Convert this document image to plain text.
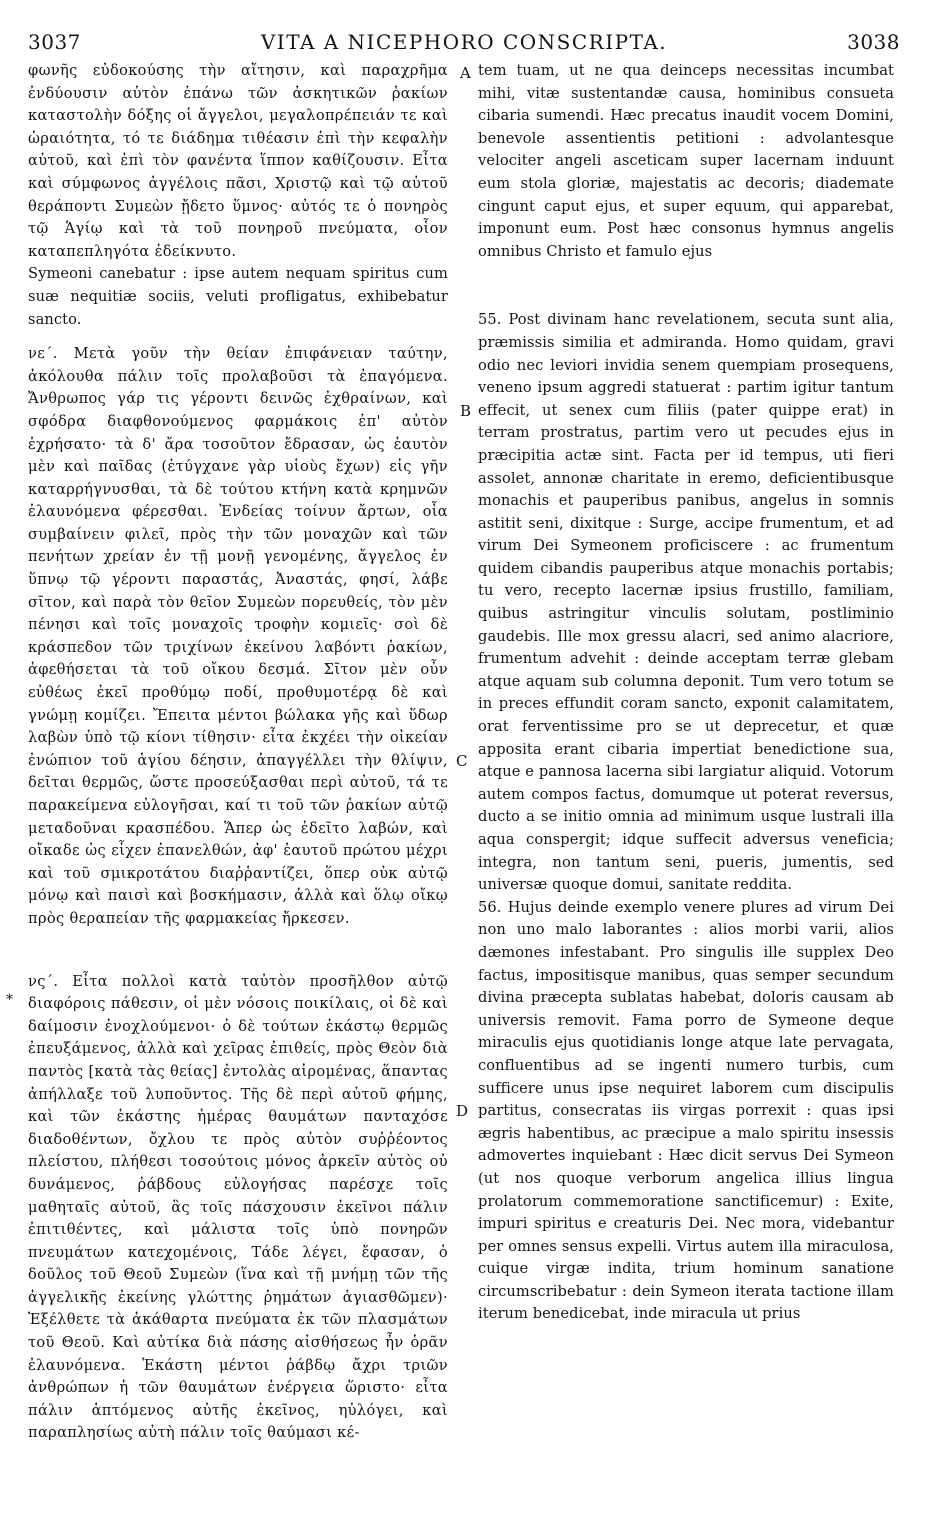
3037	VITA A NICEPHORO CONSCRIPTA.	3038
A
B
C
D
*

φωνῆς εὐδοκούσης τὴν αἴτησιν, καὶ παραχρῆμα ἐνδύουσιν αὐτὸν ἐπάνω τῶν ἀσκητικῶν ῥακίων καταστολὴν δόξης οἱ ἄγγελοι, μεγαλοπρέπειάν τε καὶ ὡραιότητα, τό τε διάδημα τιθέασιν ἐπὶ τὴν κεφαλὴν αὐτοῦ, καὶ ἐπὶ τὸν φανέντα ἵππον καθίζουσιν. Εἶτα καὶ σύμφωνος ἀγγέλοις πᾶσι, Χριστῷ καὶ τῷ αὐτοῦ θεράποντι Συμεὼν ᾔδετο ὕμνος· αὐτός τε ὁ πονηρὸς τῷ Ἁγίῳ καὶ τὰ τοῦ πονηροῦ πνεύματα, οἷον καταπεπληγότα ἐδείκνυτο.

Symeoni canebatur : ipse autem nequam spiritus cum suæ nequitiæ sociis, veluti profligatus, exhibebatur sancto.

νε΄. Μετὰ γοῦν τὴν θείαν ἐπιφάνειαν ταύτην, ἀκόλουθα πάλιν τοῖς προλαβοῦσι τὰ ἐπαγόμενα. Ἄνθρωπος γάρ τις γέροντι δεινῶς ἐχθραίνων, καὶ σφόδρα διαφθονούμενος φαρμάκοις ἐπ' αὐτὸν ἐχρήσατο· τὰ δ' ἄρα τοσοῦτον ἔδρασαν, ὡς ἑαυτὸν μὲν καὶ παῖδας (ἐτύγχανε γὰρ υἱοὺς ἔχων) εἰς γῆν καταρρήγνυσθαι, τὰ δὲ τούτου κτήνη κατὰ κρημνῶν ἐλαυνόμενα φέρεσθαι. Ἐνδείας τοίνυν ἄρτων, οἷα συμβαίνειν φιλεῖ, πρὸς τὴν τῶν μοναχῶν καὶ τῶν πενήτων χρείαν ἐν τῇ μονῇ γενομένης, ἄγγελος ἐν ὕπνῳ τῷ γέροντι παραστάς, Ἀναστάς, φησί, λάβε σῖτον, καὶ παρὰ τὸν θεῖον Συμεὼν πορευθείς, τὸν μὲν πένησι καὶ τοῖς μοναχοῖς τροφὴν κομιεῖς· σοὶ δὲ κράσπεδον τῶν τριχίνων ἐκείνου λαβόντι ῥακίων, ἀφεθήσεται τὰ τοῦ οἴκου δεσμά. Σῖτον μὲν οὖν εὐθέως ἐκεῖ προθύμῳ ποδί, προθυμοτέρᾳ δὲ καὶ γνώμῃ κομίζει. Ἔπειτα μέντοι βώλακα γῆς καὶ ὕδωρ λαβὼν ὑπὸ τῷ κίονι τίθησιν· εἶτα ἐκχέει τὴν οἰκείαν ἐνώπιον τοῦ ἁγίου δέησιν, ἀπαγγέλλει τὴν θλίψιν, δεῖται θερμῶς, ὥστε προσεύξασθαι περὶ αὐτοῦ, τά τε παρακείμενα εὐλογῆσαι, καί τι τοῦ τῶν ῥακίων αὐτῷ μεταδοῦναι κρασπέδου. Ἅπερ ὡς ἐδεῖτο λαβών, καὶ οἴκαδε ὡς εἶχεν ἐπανελθών, ἀφ' ἑαυτοῦ πρώτου μέχρι καὶ τοῦ σμικροτάτου διαῤῥαντίζει, ὅπερ οὐκ αὐτῷ μόνῳ καὶ παισὶ καὶ βοσκήμασιν, ἀλλὰ καὶ ὅλῳ οἴκῳ πρὸς θεραπείαν τῆς φαρμακείας ἤρκεσεν.

νς΄. Εἶτα πολλοὶ κατὰ ταὐτὸν προσῆλθον αὐτῷ διαφόροις πάθεσιν, οἱ μὲν νόσοις ποικίλαις, οἱ δὲ καὶ δαίμοσιν ἐνοχλούμενοι· ὁ δὲ τούτων ἑκάστῳ θερμῶς ἐπευξάμενος, ἀλλὰ καὶ χεῖρας ἐπιθείς, πρὸς Θεὸν διὰ παντὸς [κατὰ τὰς θείας] ἐντολὰς αἰρομένας, ἅπαντας ἀπήλλαξε τοῦ λυποῦντος. Τῆς δὲ περὶ αὐτοῦ φήμης, καὶ τῶν ἑκάστης ἡμέρας θαυμάτων πανταχόσε διαδοθέντων, ὄχλου τε πρὸς αὐτὸν συῤῥέοντος πλείστου, πλήθεσι τοσούτοις μόνος ἀρκεῖν αὐτὸς οὐ δυνάμενος, ῥάβδους εὐλογήσας παρέσχε τοῖς μαθηταῖς αὐτοῦ, ἃς τοῖς πάσχουσιν ἐκεῖνοι πάλιν ἐπιτιθέντες, καὶ μάλιστα τοῖς ὑπὸ πονηρῶν πνευμάτων κατεχομένοις, Τάδε λέγει, ἔφασαν, ὁ δοῦλος τοῦ Θεοῦ Συμεὼν (ἵνα καὶ τῇ μνήμῃ τῶν τῆς ἀγγελικῆς ἐκείνης γλώττης ῥημάτων ἁγιασθῶμεν)· Ἐξέλθετε τὰ ἀκάθαρτα πνεύματα ἐκ τῶν πλασμάτων τοῦ Θεοῦ. Καὶ αὐτίκα διὰ πάσης αἰσθήσεως ἦν ὁρᾶν ἐλαυνόμενα. Ἑκάστη μέντοι ῥάβδῳ ἄχρι τριῶν ἀνθρώπων ἡ τῶν θαυμάτων ἐνέργεια ὥριστο· εἶτα πάλιν ἁπτόμενος αὐτῆς ἐκεῖνος, ηὐλόγει, καὶ παραπλησίως αὐτὴ πάλιν τοῖς θαύμασι κέ-

tem tuam, ut ne qua deinceps necessitas incumbat mihi, vitæ sustentandæ causa, hominibus consueta cibaria sumendi. Hæc precatus inaudit vocem Domini, benevole assentientis petitioni : advolantesque velociter angeli asceticam super lacernam induunt eum stola gloriæ, majestatis ac decoris; diademate cingunt caput ejus, et super equum, qui apparebat, imponunt eum. Post hæc consonus hymnus angelis omnibus Christo et famulo ejus

55. Post divinam hanc revelationem, secuta sunt alia, præmissis similia et admiranda. Homo quidam, gravi odio nec leviori invidia senem quempiam prosequens, veneno ipsum aggredi statuerat : partim igitur tantum effecit, ut senex cum filiis (pater quippe erat) in terram prostratus, partim vero ut pecudes ejus in præcipitia actæ sint. Facta per id tempus, uti fieri assolet, annonæ charitate in eremo, deficientibusque monachis et pauperibus panibus, angelus in somnis astitit seni, dixitque : Surge, accipe frumentum, et ad virum Dei Symeonem proficiscere : ac frumentum quidem cibandis pauperibus atque monachis portabis; tu vero, recepto lacernæ ipsius frustillo, familiam, quibus astringitur vinculis solutam, postliminio gaudebis. Ille mox gressu alacri, sed animo alacriore, frumentum advehit : deinde acceptam terræ glebam atque aquam sub columna deponit. Tum vero totum se in preces effundit coram sancto, exponit calamitatem, orat ferventissime pro se ut deprecetur, et quæ apposita erant cibaria impertiat benedictione sua, atque e pannosa lacerna sibi largiatur aliquid. Votorum autem compos factus, domumque ut poterat reversus, ducto a se initio omnia ad minimum usque lustrali illa aqua conspergit; idque suffecit adversus veneficia; integra, non tantum seni, pueris, jumentis, sed universæ quoque domui, sanitate reddita.

56. Hujus deinde exemplo venere plures ad virum Dei non uno malo laborantes : alios morbi varii, alios dæmones infestabant. Pro singulis ille supplex Deo factus, impositisque manibus, quas semper secundum divina præcepta sublatas habebat, doloris causam ab universis removit. Fama porro de Symeone deque miraculis ejus quotidianis longe atque late pervagata, confluentibus ad se ingenti numero turbis, cum sufficere unus ipse nequiret laborem cum discipulis partitus, consecratas iis virgas porrexit : quas ipsi ægris habentibus, ac præcipue a malo spiritu insessis admovertes inquiebant : Hæc dicit servus Dei Symeon (ut nos quoque verborum angelica illius lingua prolatorum commemoratione sanctificemur) : Exite, impuri spiritus e creaturis Dei. Nec mora, videbantur per omnes sensus expelli. Virtus autem illa miraculosa, cuique virgæ indita, trium hominum sanatione circumscribebatur : dein Symeon iterata tactione illam iterum benedicebat, inde miracula ut prius
